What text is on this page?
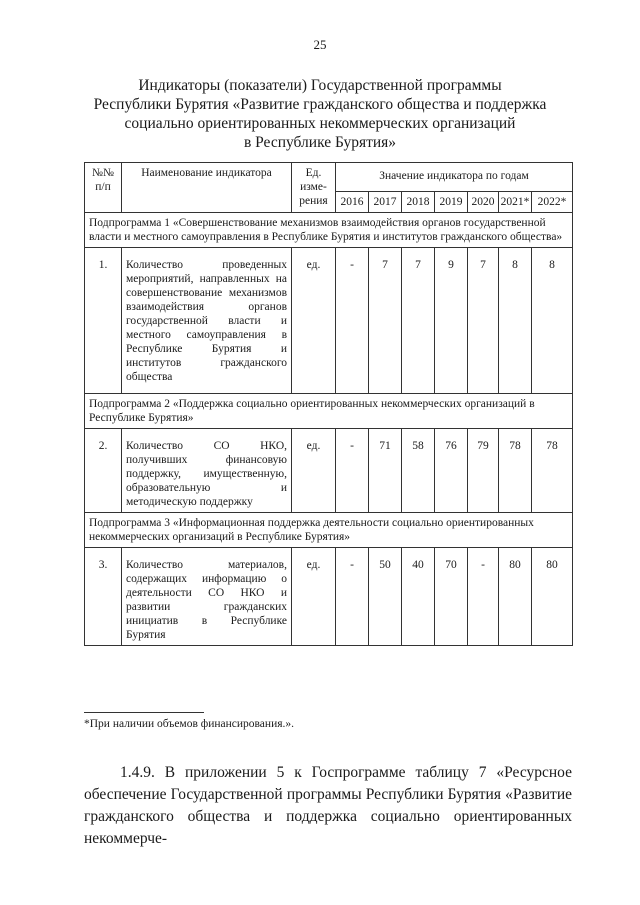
25
Индикаторы (показатели) Государственной программы
Республики Бурятия «Развитие гражданского общества и поддержка
социально ориентированных некоммерческих организаций
в Республике Бурятия»
№№ п/п	Наименование индикатора	Ед. изме-рения	Значение индикатора по годам						
			2016	2017	2018	2019	2020	2021*	2022*
Подпрограмма 1 «Совершенствование механизмов взаимодействия органов государственной власти и местного самоуправления в Республике Бурятия и институтов гражданского общества»									
1.	Количество проведенных мероприятий, направленных на совершенствование механизмов взаимодействия органов государственной власти и местного самоуправления в Республике Бурятия и институтов гражданского общества	ед.	-	7	7	9	7	8	8
Подпрограмма 2 «Поддержка социально ориентированных некоммерческих организаций в Республике Бурятия»									
2.	Количество СО НКО, получивших финансовую поддержку, имущественную, образовательную и методическую поддержку	ед.	-	71	58	76	79	78	78
Подпрограмма 3 «Информационная поддержка деятельности социально ориентированных некоммерческих организаций в Республике Бурятия»									
3.	Количество материалов, содержащих информацию о деятельности СО НКО и развитии гражданских инициатив в Республике Бурятия	ед.	-	50	40	70	-	80	80
*При наличии объемов финансирования.».
1.4.9. В приложении 5 к Госпрограмме таблицу 7 «Ресурсное обеспечение Государственной программы Республики Бурятия «Развитие гражданского общества и поддержка социально ориентированных некоммерче-
